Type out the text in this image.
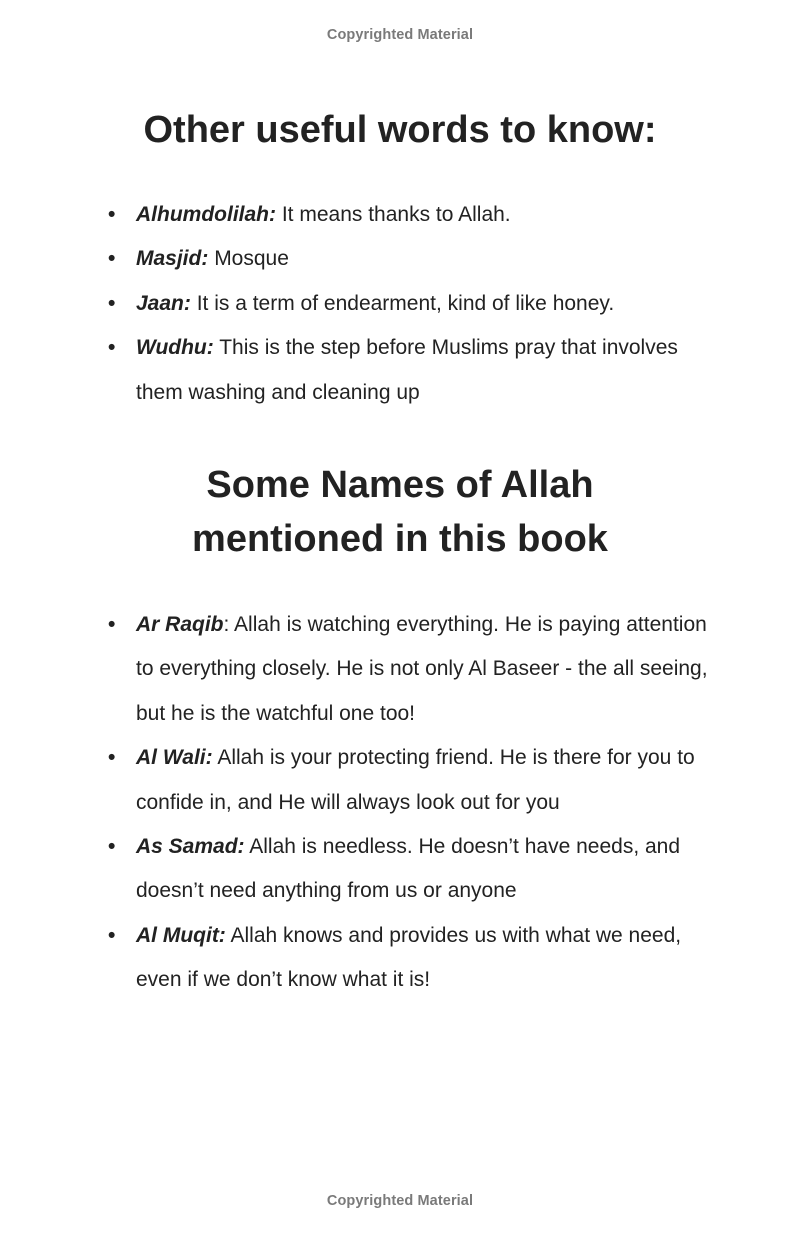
Copyrighted Material
Other useful words to know:
• Alhumdolilah: It means thanks to Allah.
• Masjid: Mosque
• Jaan: It is a term of endearment, kind of like honey.
• Wudhu: This is the step before Muslims pray that involves them washing and cleaning up
Some Names of Allah
mentioned in this book
• Ar Raqib: Allah is watching everything. He is paying attention to everything closely. He is not only Al Baseer - the all seeing, but he is the watchful one too!
• Al Wali: Allah is your protecting friend. He is there for you to confide in, and He will always look out for you
• As Samad: Allah is needless. He doesn’t have needs, and doesn’t need anything from us or anyone
• Al Muqit: Allah knows and provides us with what we need, even if we don’t know what it is!
Copyrighted Material
